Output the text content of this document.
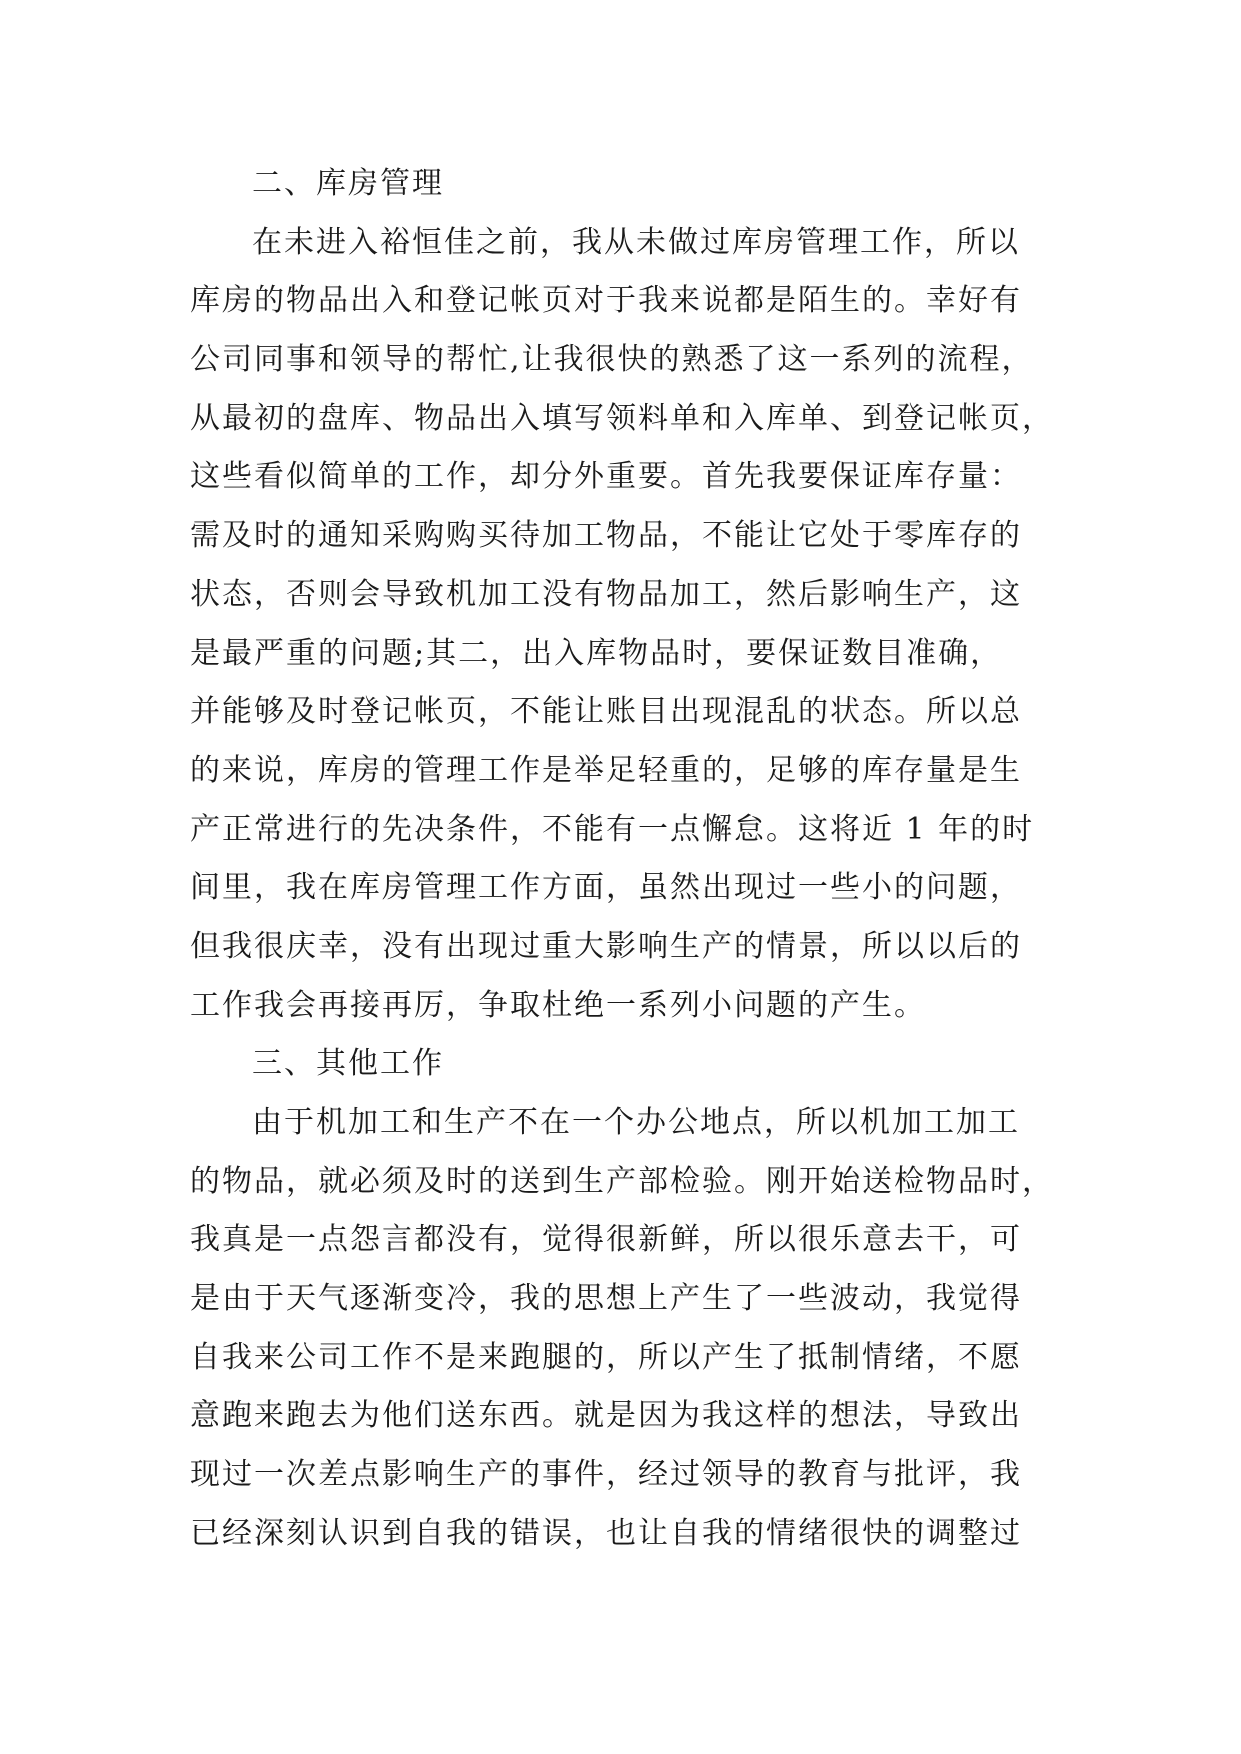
二、库房管理
在未进入裕恒佳之前，我从未做过库房管理工作，所以
库房的物品出入和登记帐页对于我来说都是陌生的。幸好有
公司同事和领导的帮忙,让我很快的熟悉了这一系列的流程，
从最初的盘库、物品出入填写领料单和入库单、到登记帐页，
这些看似简单的工作，却分外重要。首先我要保证库存量：
需及时的通知采购购买待加工物品，不能让它处于零库存的
状态，否则会导致机加工没有物品加工，然后影响生产，这
是最严重的问题;其二，出入库物品时，要保证数目准确，
并能够及时登记帐页，不能让账目出现混乱的状态。所以总
的来说，库房的管理工作是举足轻重的，足够的库存量是生
产正常进行的先决条件，不能有一点懈怠。这将近 1 年的时
间里，我在库房管理工作方面，虽然出现过一些小的问题，
但我很庆幸，没有出现过重大影响生产的情景，所以以后的
工作我会再接再厉，争取杜绝一系列小问题的产生。
三、其他工作
由于机加工和生产不在一个办公地点，所以机加工加工
的物品，就必须及时的送到生产部检验。刚开始送检物品时，
我真是一点怨言都没有，觉得很新鲜，所以很乐意去干，可
是由于天气逐渐变冷，我的思想上产生了一些波动，我觉得
自我来公司工作不是来跑腿的，所以产生了抵制情绪，不愿
意跑来跑去为他们送东西。就是因为我这样的想法，导致出
现过一次差点影响生产的事件，经过领导的教育与批评，我
已经深刻认识到自我的错误，也让自我的情绪很快的调整过
